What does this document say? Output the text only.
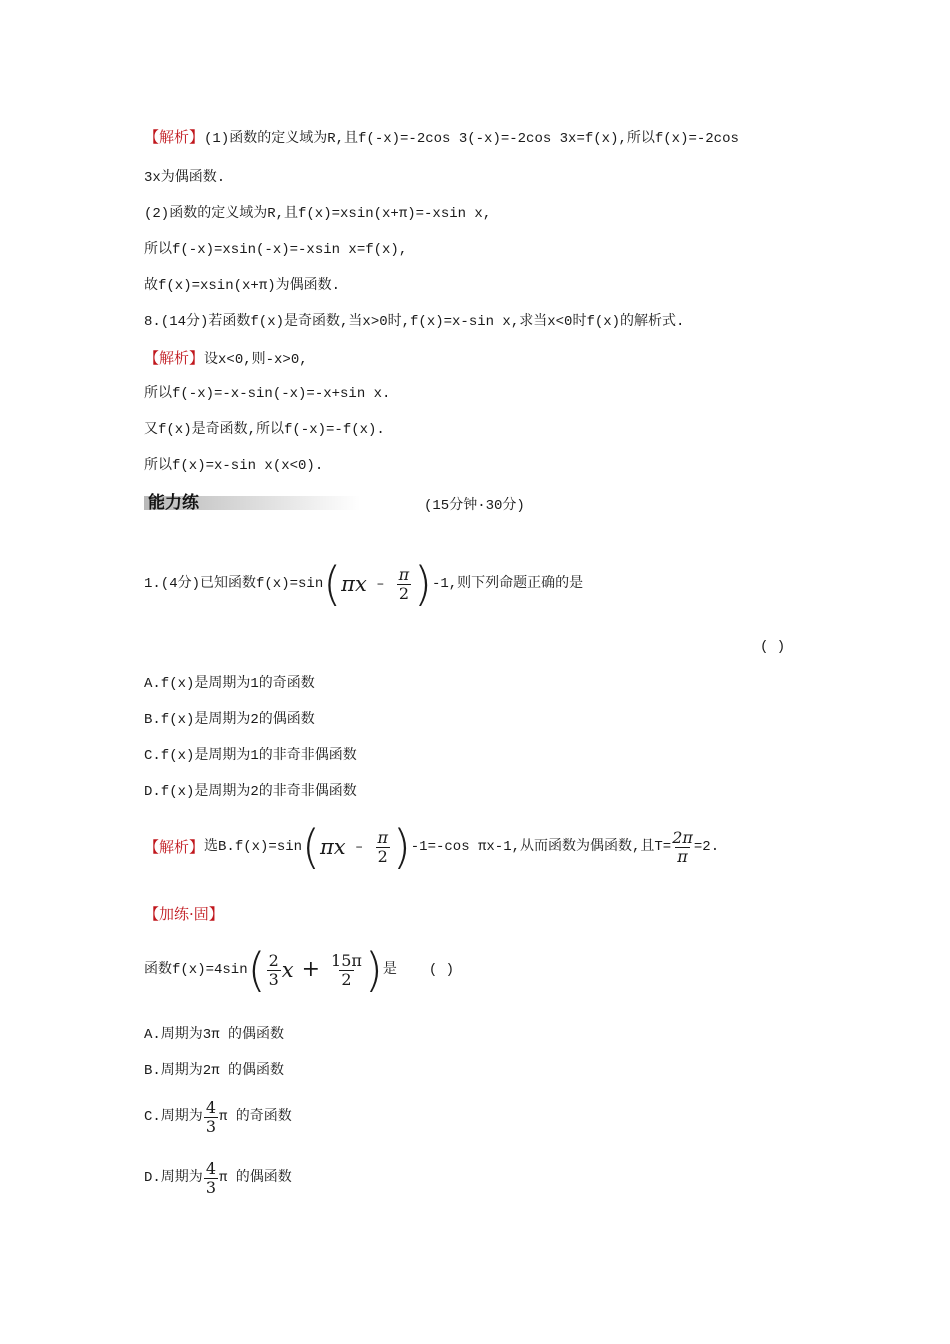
【解析】(1)函数的定义域为R,且f(-x)=-2cos 3(-x)=-2cos 3x=f(x),所以f(x)=-2cos
3x为偶函数.
(2)函数的定义域为R,且f(x)=xsin(x+π)=-xsin x,
所以f(-x)=xsin(-x)=-xsin x=f(x),
故f(x)=xsin(x+π)为偶函数.
8.(14分)若函数f(x)是奇函数,当x>0时,f(x)=x-sin x,求当x<0时f(x)的解析式.
【解析】设x<0,则-x>0,
所以f(-x)=-x-sin(-x)=-x+sin x.
又f(x)是奇函数,所以f(-x)=-f(x).
所以f(x)=x-sin x(x<0).
能力练	(15分钟·30分)
1.(4分)已知函数f(x)=sin ( πx – $\frac{\pi}{2}$ ) -1,则下列命题正确的是
( )
A.f(x)是周期为1的奇函数
B.f(x)是周期为2的偶函数
C.f(x)是周期为1的非奇非偶函数
D.f(x)是周期为2的非奇非偶函数
【解析】 选B.f(x)=sin ( πx – $\frac{\pi}{2}$ ) -1=-cos πx-1,从而函数为偶函数,且$T= \frac{2\pi}{\pi} =2$.
【加练·固】
函数f(x)=4sin ( $\frac{2}{3}$ $x + \frac{15\pi}{2}$ ) 是 ( )
A.周期为3π 的偶函数
B.周期为2π 的偶函数
C.周期为 $\frac{4}{3}$ π 的奇函数
D.周期为 $\frac{4}{3}$ π 的偶函数
